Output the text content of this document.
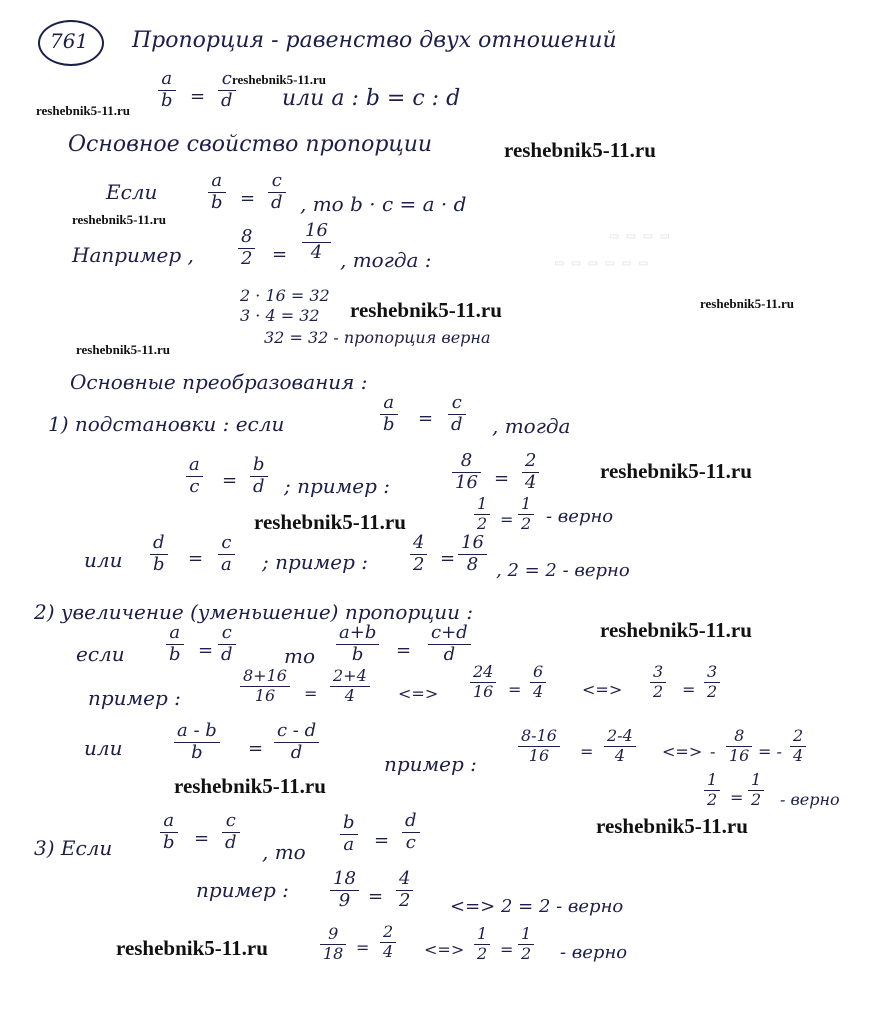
▭ ▭ ▭ ▭
▭ ▭ ▭ ▭ ▭ ▭
761 Пропорция - равенство двух отношений
a
b =
c
d или a : b = c : d
Основное свойство пропорции
Если	a
b =
c
d , то b · c = a · d
Например ,
8
2 =
16
4 , тогда :
2 · 16 = 32
3 · 4 = 32
32 = 32 - пропорция верна
Основные преобразования :
1) подстановки : если
a
b =
c
d , тогда
a
c =
b
d ; пример :
8
16 =
2
4
1
2 =
1
2 - верно
или
d
b =
c
a ; пример :
4
2 =
16
8 , 2 = 2 - верно
2) увеличение (уменьшение) пропорции :
если
a
b =
c
d	то
a+b
b =
c+d
d
пример :
8+16
16 =
2+4
4	<=>
24
16 =
6
4 <=>
3
2 =
3
2
или
a - b
b	=
c - d
d	пример :
8-16
16 =
2-4
4 <=> -
8
16 = -
2
4
1
2 =
1
2 - верно
3) Если
a
b =
c
d , то
b
a =
d
c
пример : 18
9 =
4
2 <=> 2 = 2 - верно
9
18 =
2
4 <=>
1
2 =
1
2 - верно
reshebnik5-11.ru
reshebnik5-11.ru
reshebnik5-11.ru
reshebnik5-11.ru
reshebnik5-11.ru	reshebnik5-11.ru
reshebnik5-11.ru
reshebnik5-11.ru
reshebnik5-11.ru
reshebnik5-11.ru
reshebnik5-11.ru
reshebnik5-11.ru
reshebnik5-11.ru
